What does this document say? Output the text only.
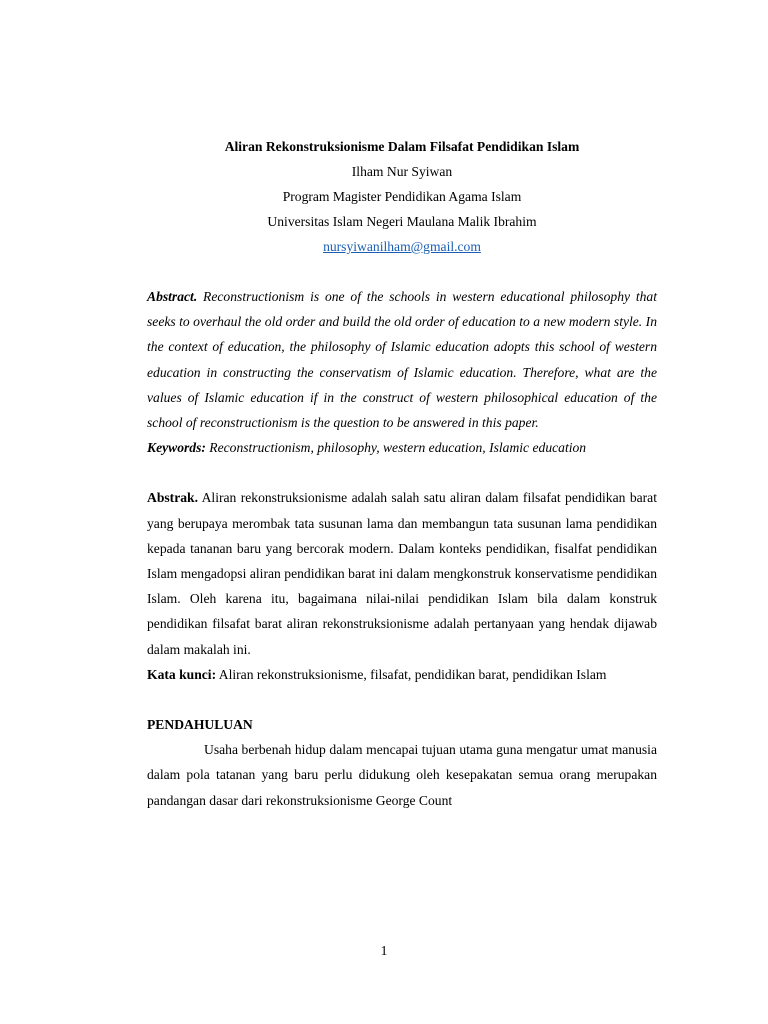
Aliran Rekonstruksionisme Dalam Filsafat Pendidikan Islam

Ilham Nur Syiwan

Program Magister Pendidikan Agama Islam

Universitas Islam Negeri Maulana Malik Ibrahim

nursyiwanilham@gmail.com

Abstract. Reconstructionism is one of the schools in western educational philosophy that seeks to overhaul the old order and build the old order of education to a new modern style. In the context of education, the philosophy of Islamic education adopts this school of western education in constructing the conservatism of Islamic education. Therefore, what are the values of Islamic education if in the construct of western philosophical education of the school of reconstructionism is the question to be answered in this paper.

Keywords: Reconstructionism, philosophy, western education, Islamic education

Abstrak. Aliran rekonstruksionisme adalah salah satu aliran dalam filsafat pendidikan barat yang berupaya merombak tata susunan lama dan membangun tata susunan lama pendidikan kepada tananan baru yang bercorak modern. Dalam konteks pendidikan, fisalfat pendidikan Islam mengadopsi aliran pendidikan barat ini dalam mengkonstruk konservatisme pendidikan Islam. Oleh karena itu, bagaimana nilai-nilai pendidikan Islam bila dalam konstruk pendidikan filsafat barat aliran rekonstruksionisme adalah pertanyaan yang hendak dijawab dalam makalah ini.

Kata kunci: Aliran rekonstruksionisme, filsafat, pendidikan barat, pendidikan Islam

PENDAHULUAN

Usaha berbenah hidup dalam mencapai tujuan utama guna mengatur umat manusia dalam pola tatanan yang baru perlu didukung oleh kesepakatan semua orang merupakan pandangan dasar dari rekonstruksionisme George Count

1
